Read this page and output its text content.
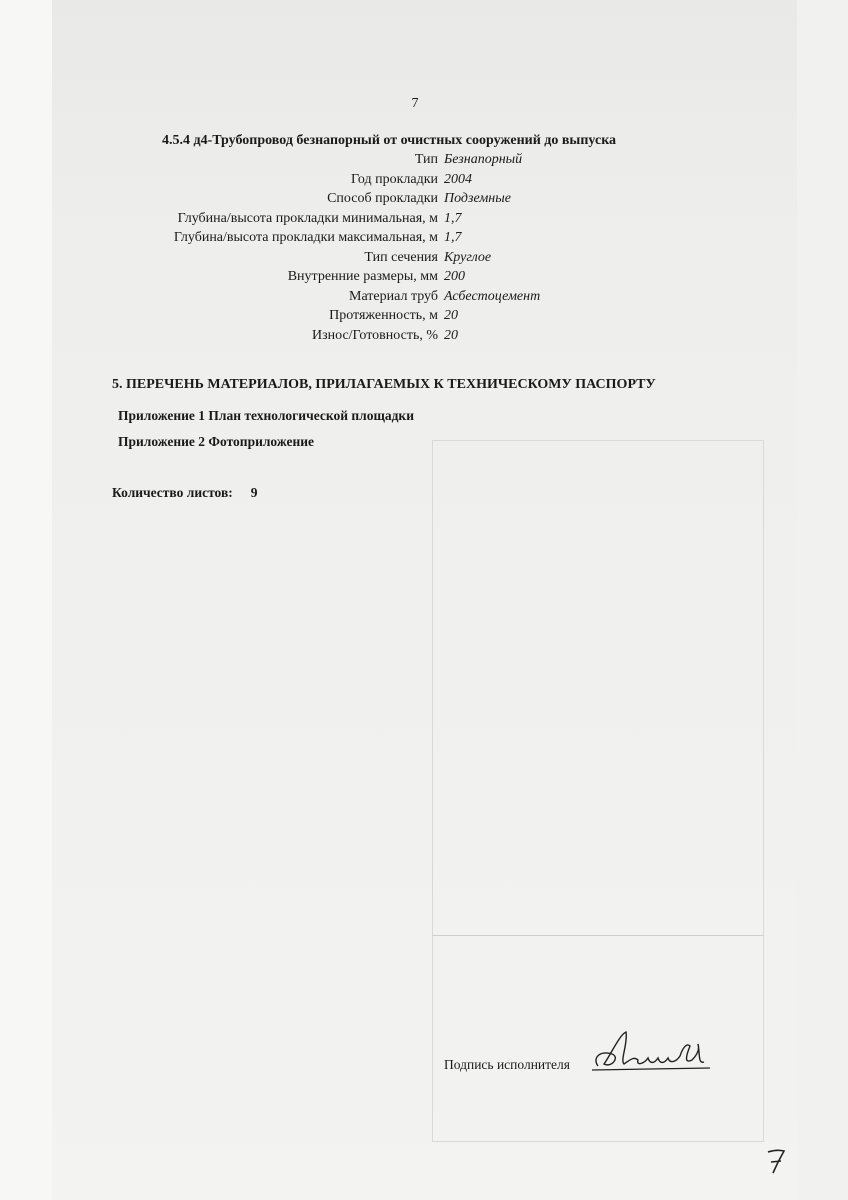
7
4.5.4 д4-Трубопровод безнапорный от очистных сооружений до выпуска
Тип Безнапорный
Год прокладки 2004
Способ прокладки Подземные
Глубина/высота прокладки минимальная, м 1,7
Глубина/высота прокладки максимальная, м 1,7
Тип сечения Круглое
Внутренние размеры, мм 200
Материал труб Асбестоцемент
Протяженность, м 20
Износ/Готовность, % 20
5. ПЕРЕЧЕНЬ МАТЕРИАЛОВ, ПРИЛАГАЕМЫХ К ТЕХНИЧЕСКОМУ ПАСПОРТУ
Приложение 1 План технологической площадки
Приложение 2 Фотоприложение
Количество листов: 9
Подпись исполнителя
